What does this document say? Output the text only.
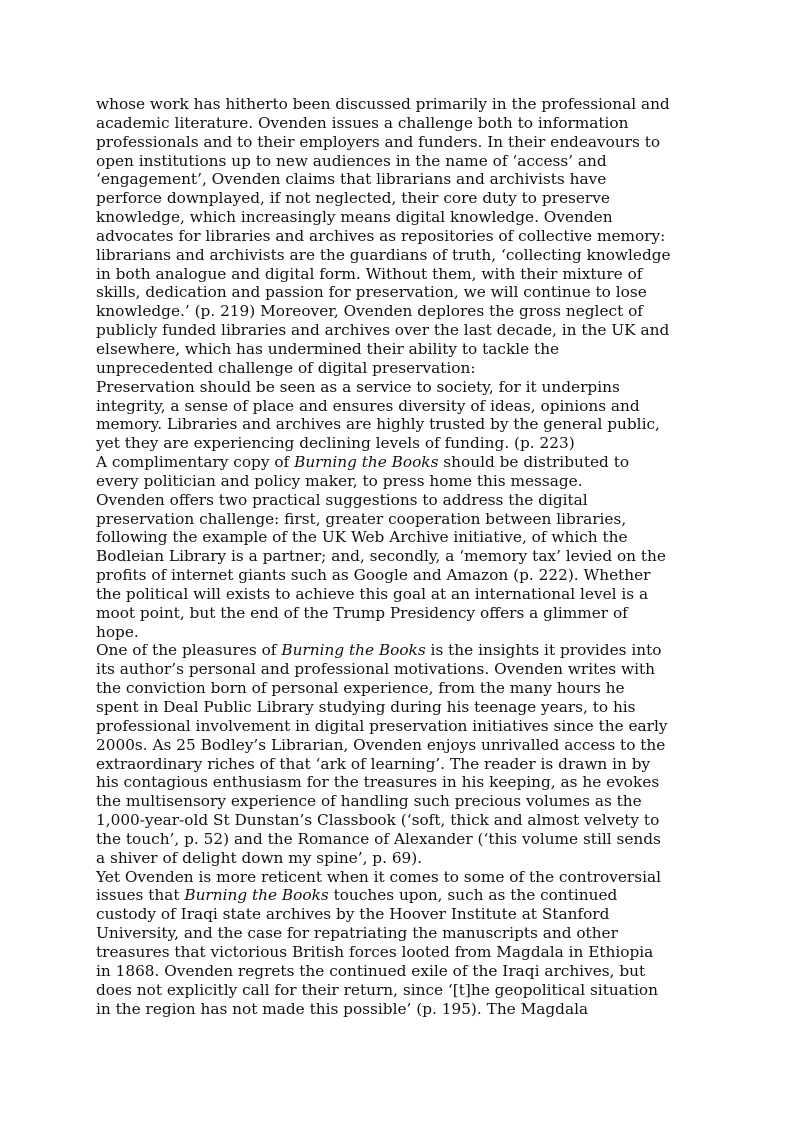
whose work has hitherto been discussed primarily in the professional and
academic literature. Ovenden issues a challenge both to information
professionals and to their employers and funders. In their endeavours to
open institutions up to new audiences in the name of ‘access’ and
‘engagement’, Ovenden claims that librarians and archivists have
perforce downplayed, if not neglected, their core duty to preserve
knowledge, which increasingly means digital knowledge. Ovenden
advocates for libraries and archives as repositories of collective memory:
librarians and archivists are the guardians of truth, ‘collecting knowledge
in both analogue and digital form. Without them, with their mixture of
skills, dedication and passion for preservation, we will continue to lose
knowledge.’ (p. 219) Moreover, Ovenden deplores the gross neglect of
publicly funded libraries and archives over the last decade, in the UK and
elsewhere, which has undermined their ability to tackle the
unprecedented challenge of digital preservation:
Preservation should be seen as a service to society, for it underpins
integrity, a sense of place and ensures diversity of ideas, opinions and
memory. Libraries and archives are highly trusted by the general public,
yet they are experiencing declining levels of funding. (p. 223)
A complimentary copy of Burning the Books should be distributed to
every politician and policy maker, to press home this message.
Ovenden offers two practical suggestions to address the digital
preservation challenge: first, greater cooperation between libraries,
following the example of the UK Web Archive initiative, of which the
Bodleian Library is a partner; and, secondly, a ‘memory tax’ levied on the
profits of internet giants such as Google and Amazon (p. 222). Whether
the political will exists to achieve this goal at an international level is a
moot point, but the end of the Trump Presidency offers a glimmer of
hope.
One of the pleasures of Burning the Books is the insights it provides into
its author’s personal and professional motivations. Ovenden writes with
the conviction born of personal experience, from the many hours he
spent in Deal Public Library studying during his teenage years, to his
professional involvement in digital preservation initiatives since the early
2000s. As 25 Bodley’s Librarian, Ovenden enjoys unrivalled access to the
extraordinary riches of that ‘ark of learning’. The reader is drawn in by
his contagious enthusiasm for the treasures in his keeping, as he evokes
the multisensory experience of handling such precious volumes as the
1,000-year-old St Dunstan’s Classbook (‘soft, thick and almost velvety to
the touch’, p. 52) and the Romance of Alexander (‘this volume still sends
a shiver of delight down my spine’, p. 69).
Yet Ovenden is more reticent when it comes to some of the controversial
issues that Burning the Books touches upon, such as the continued
custody of Iraqi state archives by the Hoover Institute at Stanford
University, and the case for repatriating the manuscripts and other
treasures that victorious British forces looted from Magdala in Ethiopia
in 1868. Ovenden regrets the continued exile of the Iraqi archives, but
does not explicitly call for their return, since ‘[t]he geopolitical situation
in the region has not made this possible’ (p. 195). The Magdala
